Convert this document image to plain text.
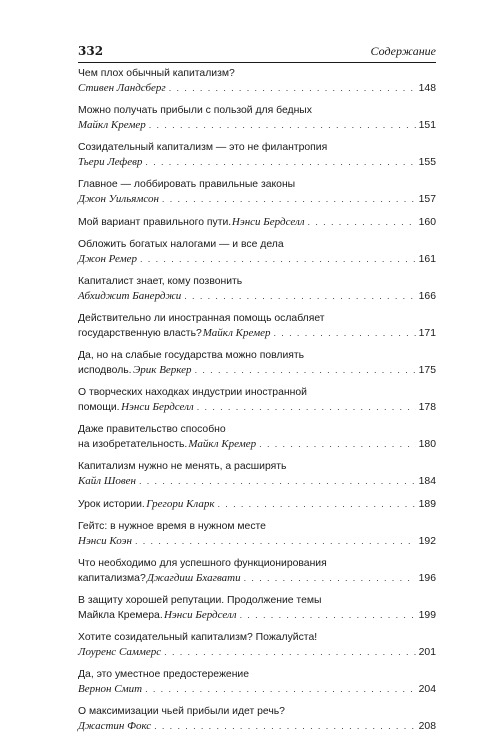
332	Содержание
Чем плох обычный капитализм?
Стивен Ландсберг . . .	148
Можно получать прибыли с пользой для бедных
Майкл Кремер . . .	151
Созидательный капитализм — это не филантропия
Тьери Лефевр . . .	155
Главное — лоббировать правильные законы
Джон Уильямсон . . .	157
Мой вариант правильного пути. Нэнси Бердселл . . .	160
Обложить богатых налогами — и все дела
Джон Ремер . . .	161
Капиталист знает, кому позвонить
Абхиджит Банерджи . . .	166
Действительно ли иностранная помощь ослабляет
государственную власть? Майкл Кремер . . .	171
Да, но на слабые государства можно повлиять
исподволь. Эрик Веркер . . .	175
О творческих находках индустрии иностранной
помощи. Нэнси Бердселл . . .	178
Даже правительство способно
на изобретательность. Майкл Кремер . . .	180
Капитализм нужно не менять, а расширять
Кайл Шовен . . .	184
Урок истории. Грегори Кларк . . .	189
Гейтс: в нужное время в нужном месте
Нэнси Коэн . . .	192
Что необходимо для успешного функционирования
капитализма? Джагдиш Бхагвати . . .	196
В защиту хорошей репутации. Продолжение темы
Майкла Кремера. Нэнси Бердселл . . .	199
Хотите созидательный капитализм? Пожалуйста!
Лоуренс Саммерс . . .	201
Да, это уместное предостережение
Вернон Смит . . .	204
О максимизации чьей прибыли идет речь?
Джастин Фокс . . .	208
